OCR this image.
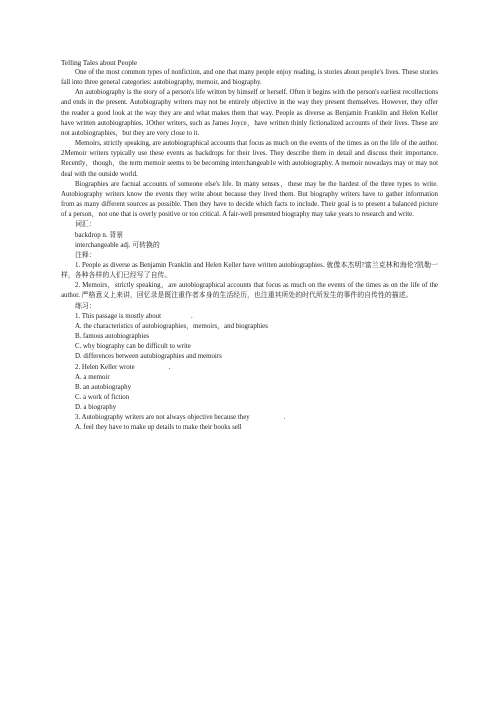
Telling Tales about People

One of the most common types of nonfiction, and one that many people enjoy reading, is stories about people's lives. These stories fall into three general categories: autobiography, memoir, and biography.

An autobiography is the story of a person's life written by himself or herself. Often it begins with the person's earliest recollections and ends in the present. Autobiography writers may not be entirely objective in the way they present themselves. However, they offer the reader a good look at the way they are and what makes them that way. People as diverse as Benjamin Franklin and Helen Keller have written autobiographies. 1Other writers, such as James Joyce，have written thinly fictionalized accounts of their lives. These are not autobiographies，but they are very close to it.

Memoirs, strictly speaking, are autobiographical accounts that focus as much on the events of the times as on the life of the author. 2Memoir writers typically use these events as backdrops for their lives. They describe them in detail and discuss their importance. Recently，though，the term memoir seems to be becoming interchangeab1e with autobiography. A memoir nowadays may or may not deal with the outside world.

Biographies are factual accounts of someone else's life. In many senses，these may be the hardest of the three types to write. Autobiography writers know the events they write about because they lived them. But biography writers have to gather information from as many different sources as possible. Then they have to decide which facts to include. Their goal is to present a balanced picture of a person，not one that is overly positive or too critical. A fair-well presented biography may take years to research and write.

词汇：
backdrop n. 背景
interchangeable adj. 可转换的
注释：

1. People as diverse as Benjamin Franklin and Helen Keller have written autobiographies. 就像本杰明?富兰克林和海伦?凯勒一样，各种各样的人们已经写了自传。

2. Memoirs，strictly speaking，are autobiographical accounts that focus as much on the events of the times as on the life of the author. 严格意义上来讲，回忆录是既注重作者本身的生活经历，也注重其所处的时代所发生的事件的自传性的描述。

练习：
1. This passage is mostly about	.
A. the characteristics of autobiographies，memoirs，and biographies
B. famous autobiographies
C. why biography can be difficult to write
D. differences between autobiographies and memoirs
2. Helen Keller wrote	.
A. a memoir
B. an autobiography
C. a work of fiction
D. a biography
3. Autobiography writers are not always objective because they	.
A. feel they have to make up details to make their books sell
